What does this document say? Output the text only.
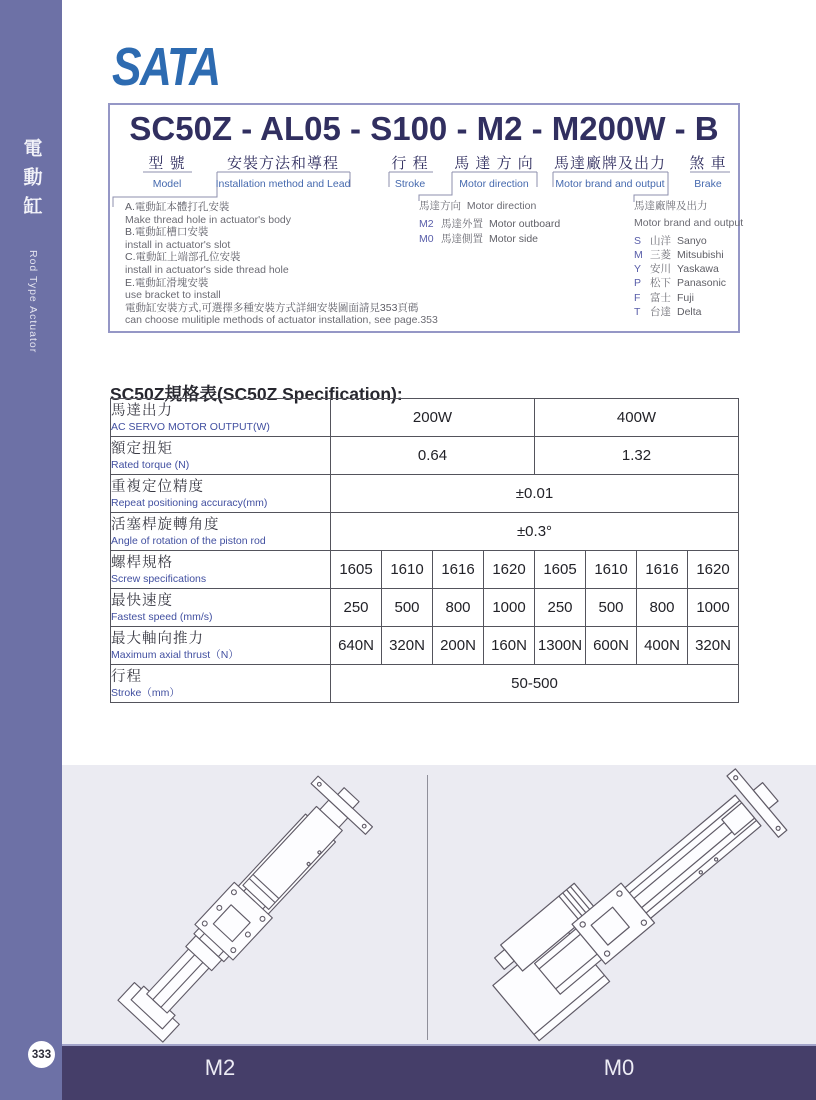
電動缸
Rod Type Actuator
333
SATA
SC50Z - AL05 - S100 - M2 - M200W - B
型 號
Model
安裝方法和導程
Installation method and Lead
行 程
Stroke
馬 達 方 向
Motor direction
馬達廠牌及出力
Motor brand and output
煞 車
Brake
A.電動缸本體打孔安裝
Make thread hole in actuator's body
B.電動缸槽口安裝
install in actuator's slot
C.電動缸上端部孔位安裝
install in actuator's side thread hole
E.電動缸滑塊安裝
use bracket to install
電動缸安裝方式,可選擇多種安裝方式詳細安裝圖面請見353頁碼
can choose mulitiple methods of actuator installation, see page.353
馬達方向 Motor direction
M2 馬達外置 Motor outboard
M0 馬達側置 Motor side
馬達廠牌及出力
Motor brand and output
S 山洋 Sanyo
M 三菱 Mitsubishi
Y 安川 Yaskawa
P 松下 Panasonic
F 富士 Fuji
T 台達 Delta
SC50Z規格表(SC50Z Specification):
馬達出力
AC SERVO MOTOR OUTPUT(W)	200W				400W			

額定扭矩
Rated torque (N)	0.64				1.32			

重複定位精度
Repeat positioning accuracy(mm)	±0.01							

活塞桿旋轉角度
Angle of rotation of the piston rod	±0.3°							

螺桿規格
Screw specifications	1605	1610	1616	1620	1605	1610	1616	1620

最快速度
Fastest speed (mm/s)	250	500	800	1000	250	500	800	1000

最大軸向推力
Maximum axial thrust（N）	640N	320N	200N	160N	1300N	600N	400N	320N

行程
Stroke（mm）	50-500							
M2	M0
